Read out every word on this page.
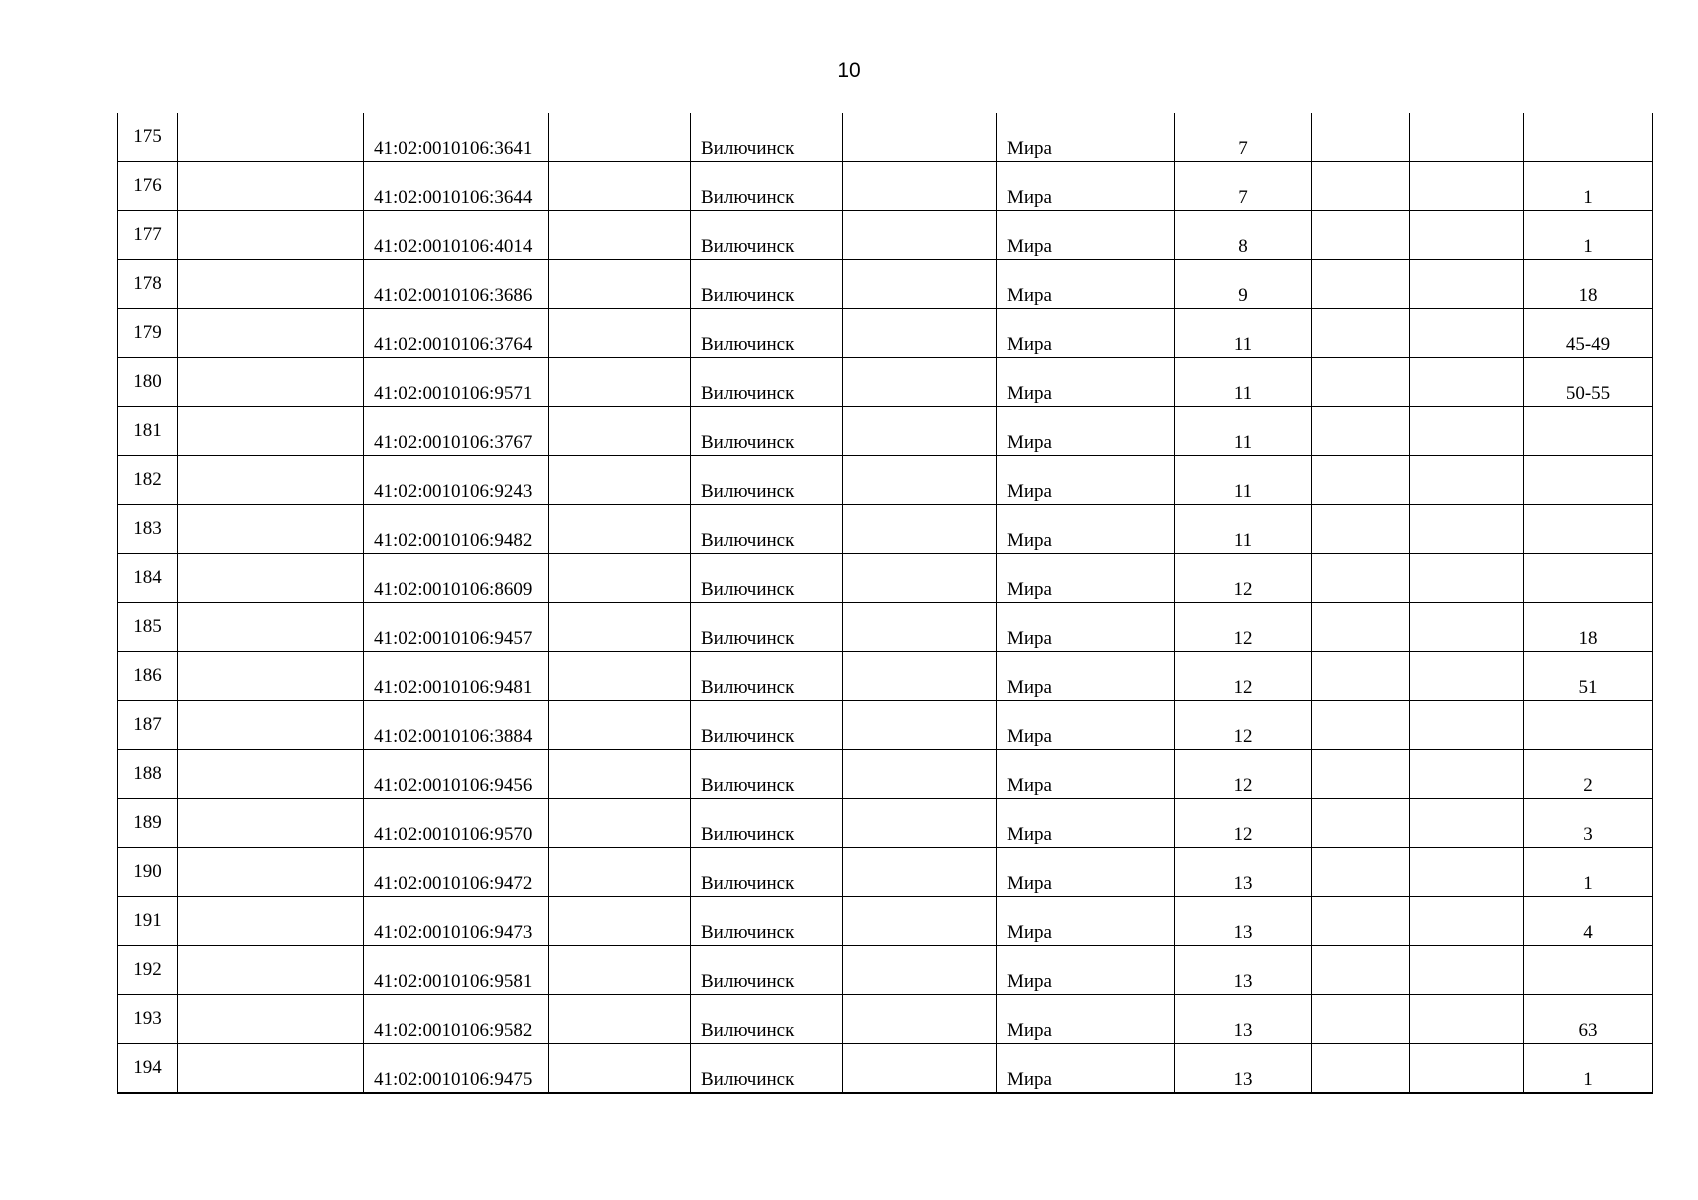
10
175		41:02:0010106:3641		Вилючинск		Мира	7			
176		41:02:0010106:3644		Вилючинск		Мира	7			1
177		41:02:0010106:4014		Вилючинск		Мира	8			1
178		41:02:0010106:3686		Вилючинск		Мира	9			18
179		41:02:0010106:3764		Вилючинск		Мира	11			45-49
180		41:02:0010106:9571		Вилючинск		Мира	11			50-55
181		41:02:0010106:3767		Вилючинск		Мира	11			
182		41:02:0010106:9243		Вилючинск		Мира	11			
183		41:02:0010106:9482		Вилючинск		Мира	11			
184		41:02:0010106:8609		Вилючинск		Мира	12			
185		41:02:0010106:9457		Вилючинск		Мира	12			18
186		41:02:0010106:9481		Вилючинск		Мира	12			51
187		41:02:0010106:3884		Вилючинск		Мира	12			
188		41:02:0010106:9456		Вилючинск		Мира	12			2
189		41:02:0010106:9570		Вилючинск		Мира	12			3
190		41:02:0010106:9472		Вилючинск		Мира	13			1
191		41:02:0010106:9473		Вилючинск		Мира	13			4
192		41:02:0010106:9581		Вилючинск		Мира	13			
193		41:02:0010106:9582		Вилючинск		Мира	13			63
194		41:02:0010106:9475		Вилючинск		Мира	13			1
